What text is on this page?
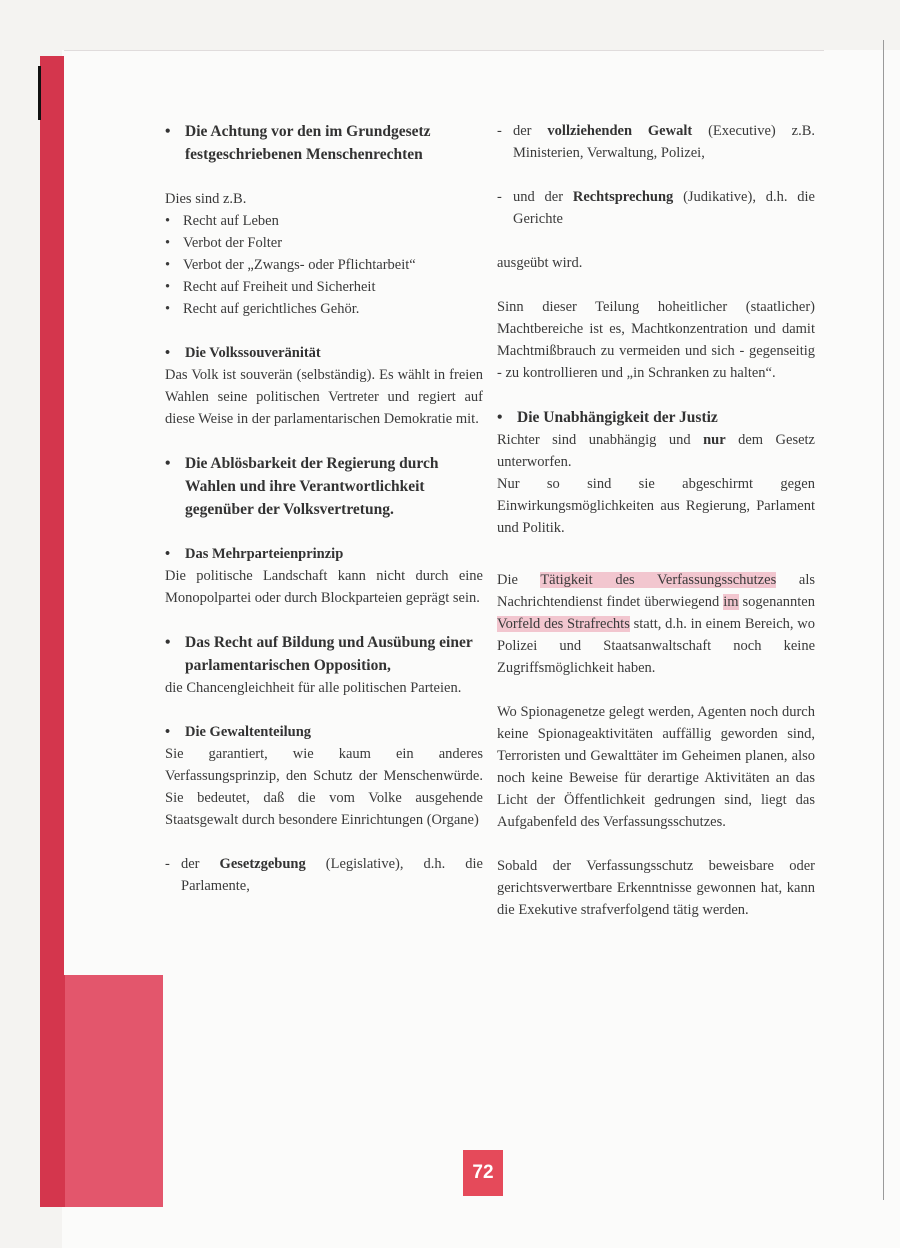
• Die Achtung vor den im Grundgesetz
festgeschriebenen Menschenrechten
Dies sind z.B.
• Recht auf Leben
• Verbot der Folter
• Verbot der „Zwangs- oder Pflichtarbeit“
• Recht auf Freiheit und Sicherheit
• Recht auf gerichtliches Gehör.
• Die Volkssouveränität
Das Volk ist souverän (selbständig). Es wählt in freien Wahlen seine politischen Vertreter und regiert auf diese Weise in der parlamentarischen Demokratie mit.
• Die Ablösbarkeit der Regierung durch Wahlen und ihre Verantwortlichkeit gegenüber der Volksvertretung.
• Das Mehrparteienprinzip
Die politische Landschaft kann nicht durch eine Monopolpartei oder durch Blockparteien geprägt sein.
• Das Recht auf Bildung und Ausübung einer parlamentarischen Opposition,
die Chancengleichheit für alle politischen Parteien.
• Die Gewaltenteilung
Sie garantiert, wie kaum ein anderes Verfassungsprinzip, den Schutz der Menschenwürde. Sie bedeutet, daß die vom Volke ausgehende Staatsgewalt durch besondere Einrichtungen (Organe)
- der Gesetzgebung (Legislative), d.h. die Parlamente,
- der vollziehenden Gewalt (Executive) z.B. Ministerien, Verwaltung, Polizei,
- und der Rechtsprechung (Judikative), d.h. die Gerichte
ausgeübt wird.
Sinn dieser Teilung hoheitlicher (staatlicher) Machtbereiche ist es, Machtkonzentration und damit Machtmißbrauch zu vermeiden und sich - gegenseitig - zu kontrollieren und „in Schranken zu halten“.
• Die Unabhängigkeit der Justiz
Richter sind unabhängig und nur dem Gesetz unterworfen.
Nur so sind sie abgeschirmt gegen Einwirkungsmöglichkeiten aus Regierung, Parlament und Politik.
Die Tätigkeit des Verfassungsschutzes als Nachrichtendienst findet überwiegend im sogenannten Vorfeld des Strafrechts statt, d.h. in einem Bereich, wo Polizei und Staatsanwaltschaft noch keine Zugriffsmöglichkeit haben.
Wo Spionagenetze gelegt werden, Agenten noch durch keine Spionageaktivitäten auffällig geworden sind, Terroristen und Gewalttäter im Geheimen planen, also noch keine Beweise für derartige Aktivitäten an das Licht der Öffentlichkeit gedrungen sind, liegt das Aufgabenfeld des Verfassungsschutzes.
Sobald der Verfassungsschutz beweisbare oder gerichtsverwertbare Erkenntnisse gewonnen hat, kann die Exekutive strafverfolgend tätig werden.
72
